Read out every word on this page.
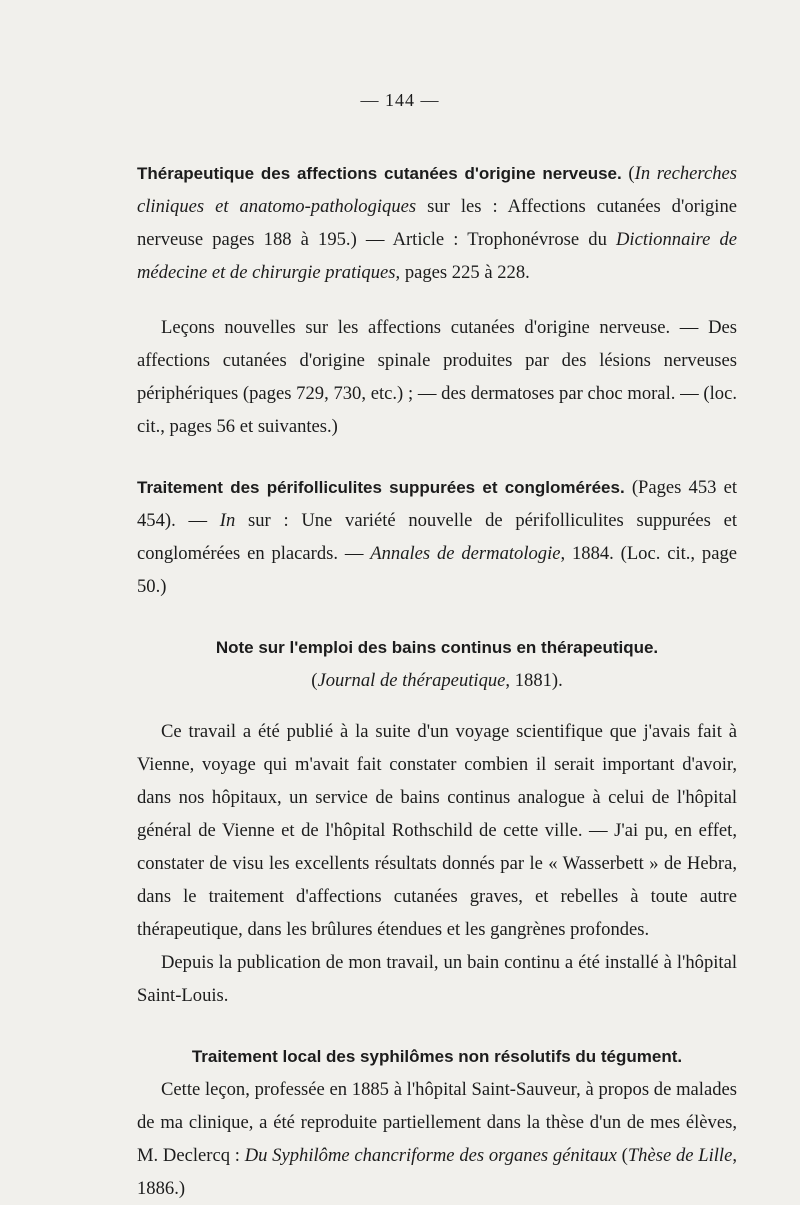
— 144 —

Thérapeutique des affections cutanées d'origine nerveuse. (In recherches cliniques et anatomo-pathologiques sur les : Affections cutanées d'origine nerveuse pages 188 à 195.) — Article : Trophonévrose du Dictionnaire de médecine et de chirurgie pratiques, pages 225 à 228.

Leçons nouvelles sur les affections cutanées d'origine nerveuse. — Des affections cutanées d'origine spinale produites par des lésions nerveuses périphériques (pages 729, 730, etc.) ; — des dermatoses par choc moral. — (loc. cit., pages 56 et suivantes.)

Traitement des périfolliculites suppurées et conglomérées. (Pages 453 et 454). — In sur : Une variété nouvelle de périfolliculites suppurées et conglomérées en placards. — Annales de dermatologie, 1884. (Loc. cit., page 50.)

Note sur l'emploi des bains continus en thérapeutique.

(Journal de thérapeutique, 1881).

Ce travail a été publié à la suite d'un voyage scientifique que j'avais fait à Vienne, voyage qui m'avait fait constater combien il serait important d'avoir, dans nos hôpitaux, un service de bains continus analogue à celui de l'hôpital général de Vienne et de l'hôpital Rothschild de cette ville. — J'ai pu, en effet, constater de visu les excellents résultats donnés par le « Wasserbett » de Hebra, dans le traitement d'affections cutanées graves, et rebelles à toute autre thérapeutique, dans les brûlures étendues et les gangrènes profondes.

Depuis la publication de mon travail, un bain continu a été installé à l'hôpital Saint-Louis.

Traitement local des syphilômes non résolutifs du tégument.

Cette leçon, professée en 1885 à l'hôpital Saint-Sauveur, à propos de malades de ma clinique, a été reproduite partiellement dans la thèse d'un de mes élèves, M. Declercq : Du Syphilôme chancriforme des organes génitaux (Thèse de Lille, 1886.)
